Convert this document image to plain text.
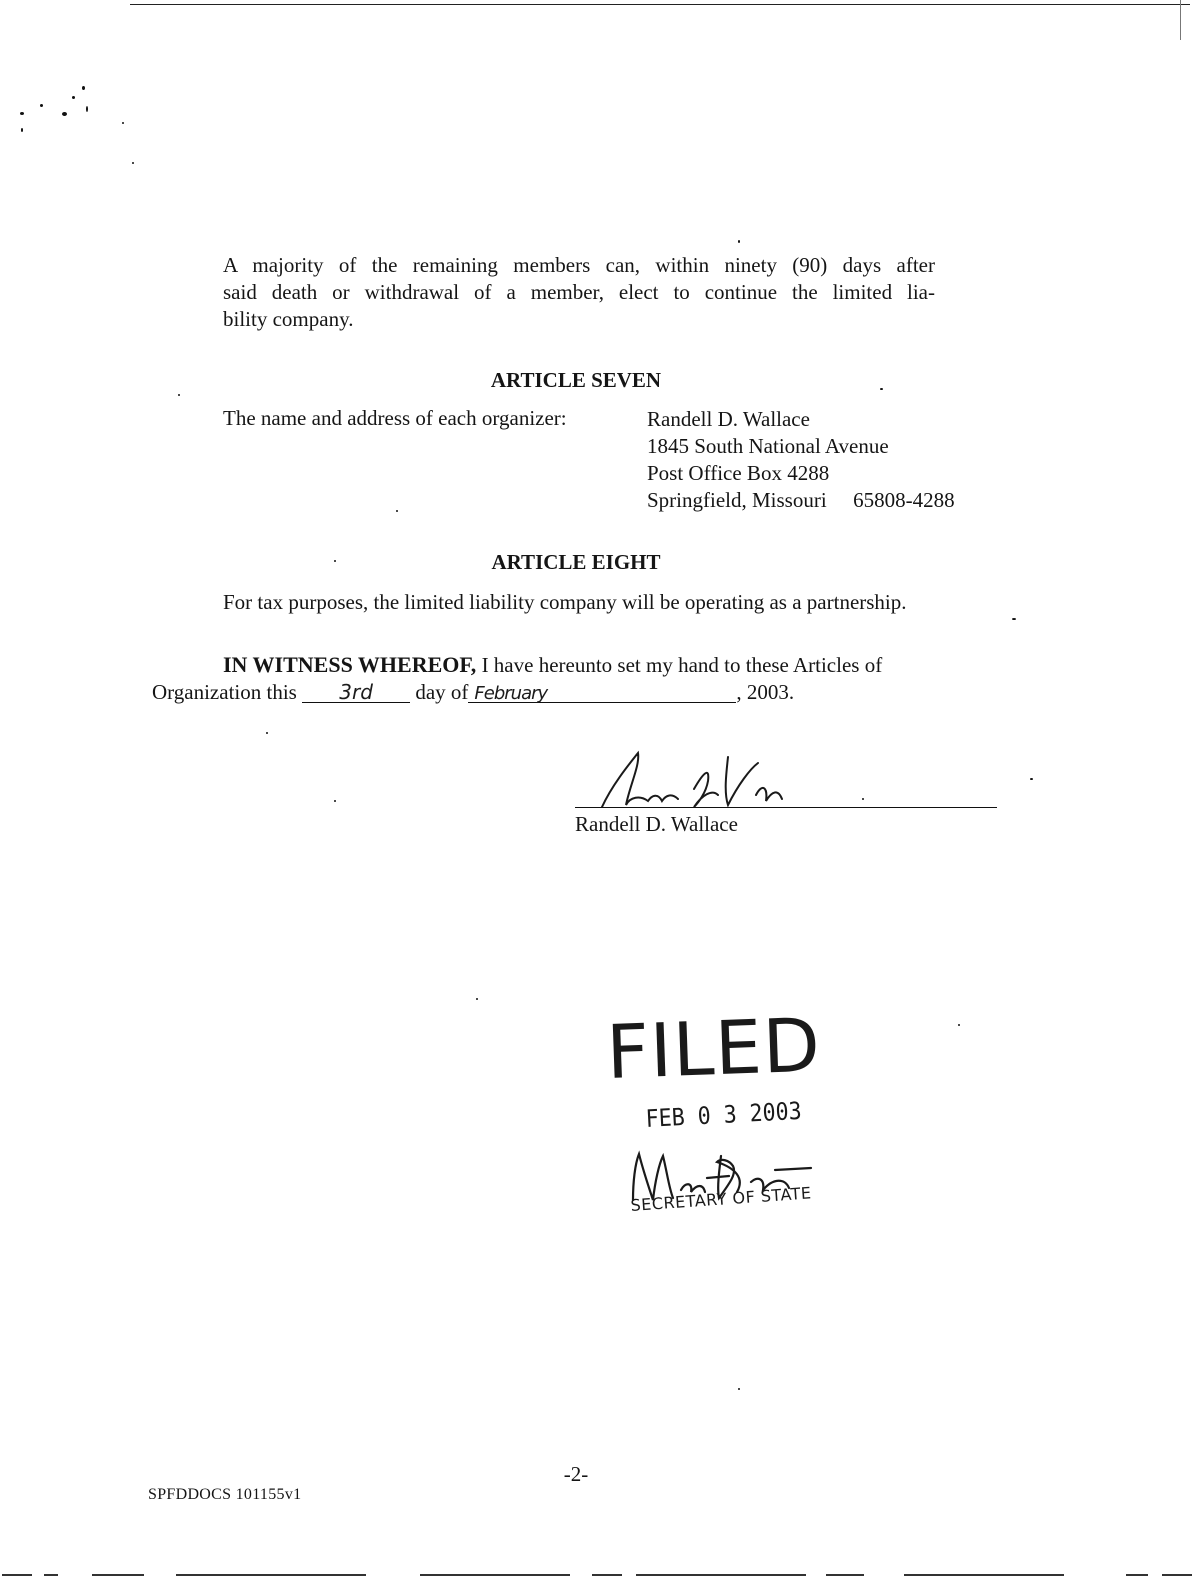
A majority of the remaining members can, within ninety (90) days after
said death or withdrawal of a member, elect to continue the limited lia-
bility company.
ARTICLE SEVEN
The name and address of each organizer:	Randell D. Wallace
1845 South National Avenue
Post Office Box 4288
Springfield, Missouri 65808-4288
ARTICLE EIGHT
For tax purposes, the limited liability company will be operating as a partnership.
IN WITNESS WHEREOF, I have hereunto set my hand to these Articles of
Organization this 3rd day of February	, 2003.
Randell D. Wallace
FILED
FEB 0 3 2003
SECRETARY OF STATE
-2-
SPFDDOCS 101155v1
